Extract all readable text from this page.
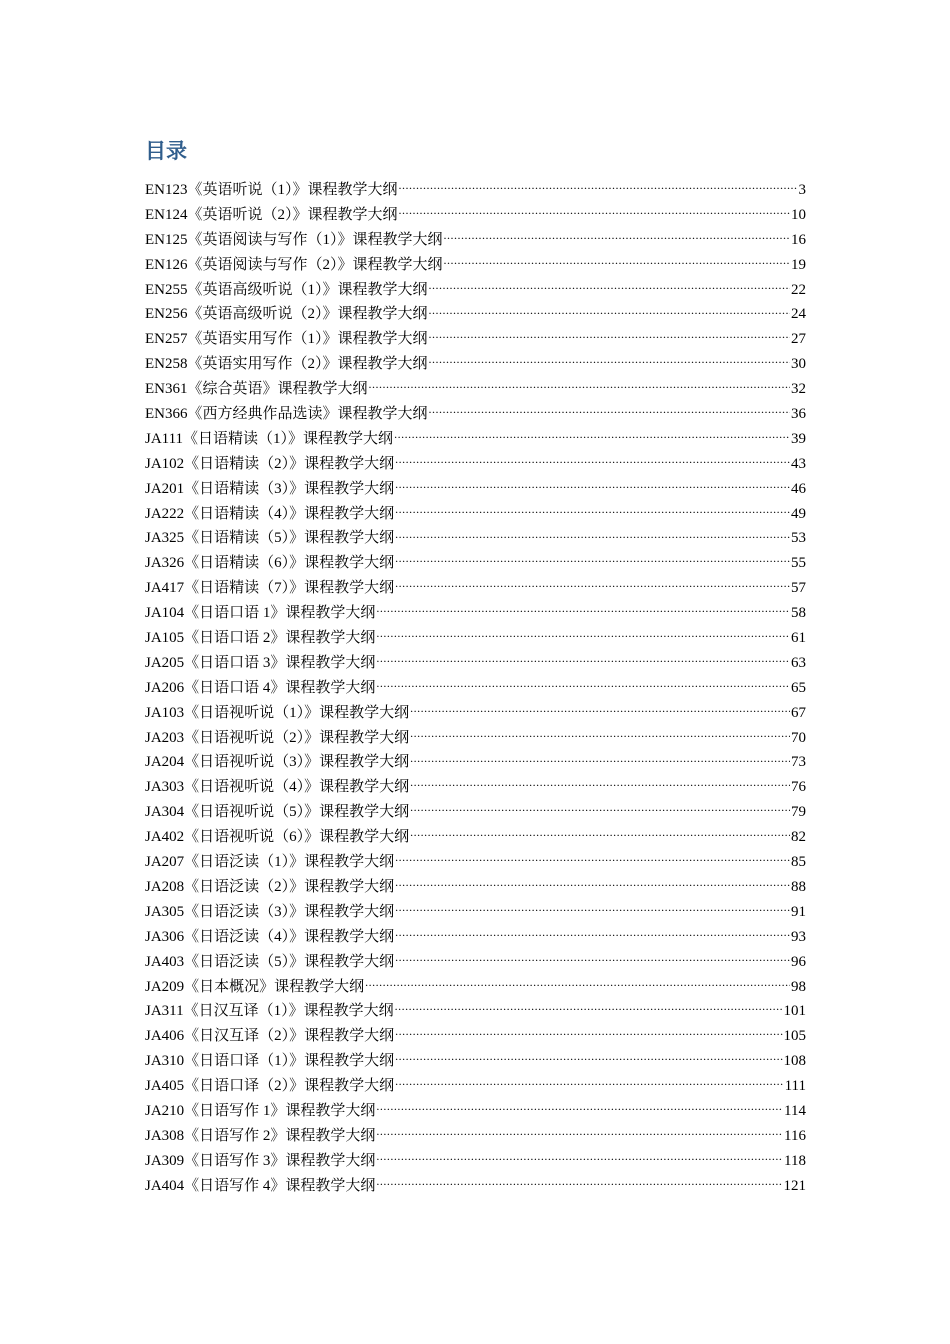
目录
EN123《英语听说（1）》课程教学大纲 .....	3
EN124《英语听说（2）》课程教学大纲 .....	10
EN125《英语阅读与写作（1）》课程教学大纲 .....	16
EN126《英语阅读与写作（2）》课程教学大纲 .....	19
EN255《英语高级听说（1）》课程教学大纲 .....	22
EN256《英语高级听说（2）》课程教学大纲 .....	24
EN257《英语实用写作（1）》课程教学大纲 .....	27
EN258《英语实用写作（2）》课程教学大纲 .....	30
EN361《综合英语》课程教学大纲 .....	32
EN366《西方经典作品选读》课程教学大纲 .....	36
JA111《日语精读（1）》课程教学大纲 .....	39
JA102《日语精读（2）》课程教学大纲 .....	43
JA201《日语精读（3）》课程教学大纲 .....	46
JA222《日语精读（4）》课程教学大纲 .....	49
JA325《日语精读（5）》课程教学大纲 .....	53
JA326《日语精读（6）》课程教学大纲 .....	55
JA417《日语精读（7）》课程教学大纲 .....	57
JA104《日语口语 1》课程教学大纲 .....	58
JA105《日语口语 2》课程教学大纲 .....	61
JA205《日语口语 3》课程教学大纲 .....	63
JA206《日语口语 4》课程教学大纲 .....	65
JA103《日语视听说（1）》课程教学大纲 .....	67
JA203《日语视听说（2）》课程教学大纲 .....	70
JA204《日语视听说（3）》课程教学大纲 .....	73
JA303《日语视听说（4）》课程教学大纲 .....	76
JA304《日语视听说（5）》课程教学大纲 .....	79
JA402《日语视听说（6）》课程教学大纲 .....	82
JA207《日语泛读（1）》课程教学大纲 .....	85
JA208《日语泛读（2）》课程教学大纲 .....	88
JA305《日语泛读（3）》课程教学大纲 .....	91
JA306《日语泛读（4）》课程教学大纲 .....	93
JA403《日语泛读（5）》课程教学大纲 .....	96
JA209《日本概况》课程教学大纲 .....	98
JA311《日汉互译（1）》课程教学大纲 .....	101
JA406《日汉互译（2）》课程教学大纲 .....	105
JA310《日语口译（1）》课程教学大纲 .....	108
JA405《日语口译（2）》课程教学大纲 .....	111
JA210《日语写作 1》课程教学大纲 .....	114
JA308《日语写作 2》课程教学大纲 .....	116
JA309《日语写作 3》课程教学大纲 .....	118
JA404《日语写作 4》课程教学大纲 .....	121
